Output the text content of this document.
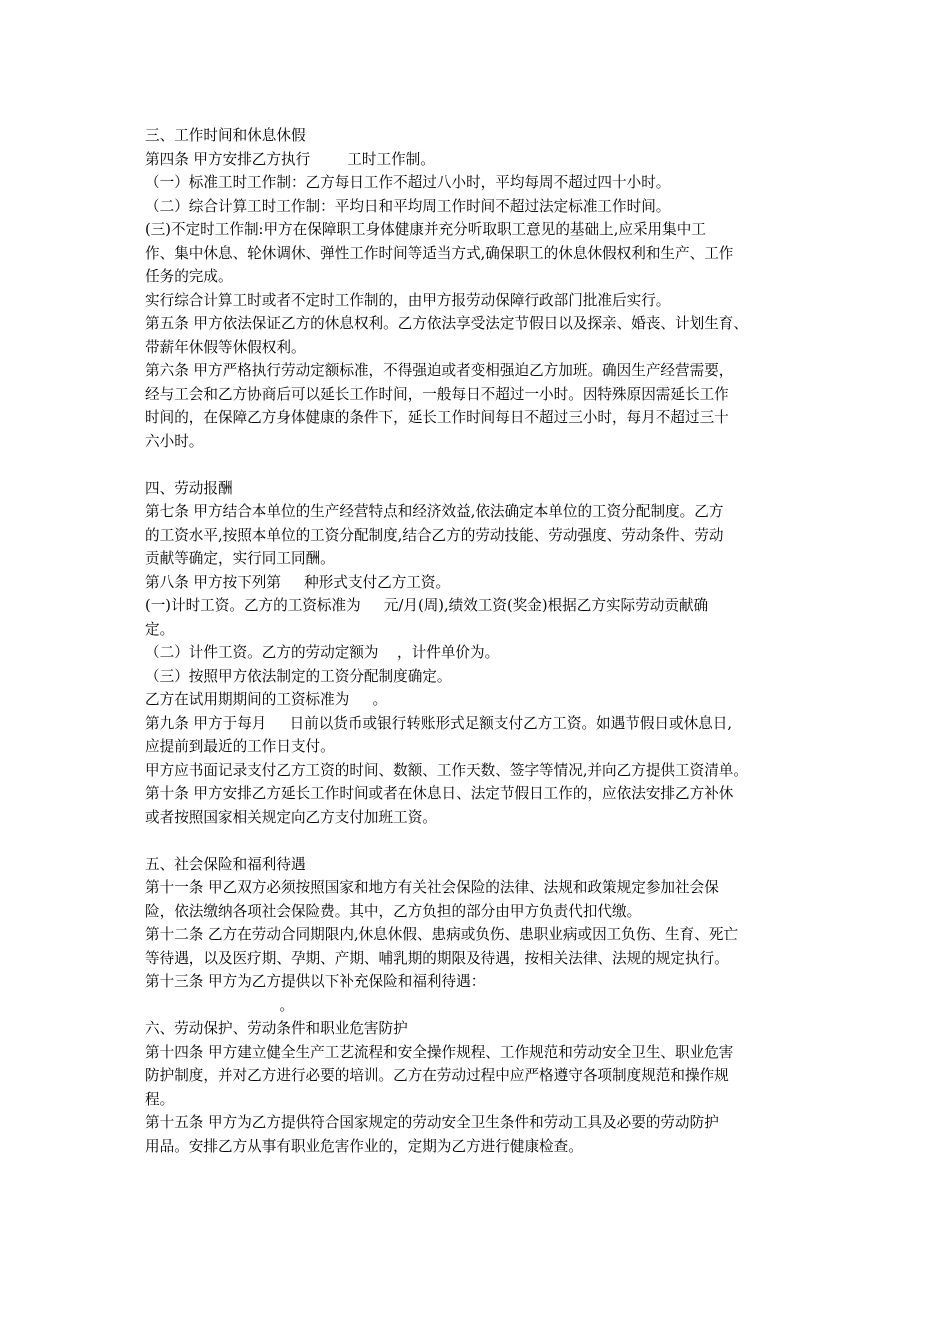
三、工作时间和休息休假
第四条 甲方安排乙方执行        工时工作制。
（一）标准工时工作制：乙方每日工作不超过八小时，平均每周不超过四十小时。
（二）综合计算工时工作制：平均日和平均周工作时间不超过法定标准工作时间。
(三)不定时工作制:甲方在保障职工身体健康并充分听取职工意见的基础上,应采用集中工
作、集中休息、轮休调休、弹性工作时间等适当方式,确保职工的休息休假权利和生产、工作
任务的完成。
实行综合计算工时或者不定时工作制的，由甲方报劳动保障行政部门批准后实行。
第五条 甲方依法保证乙方的休息权利。乙方依法享受法定节假日以及探亲、婚丧、计划生育、
带薪年休假等休假权利。
第六条 甲方严格执行劳动定额标准，不得强迫或者变相强迫乙方加班。确因生产经营需要，
经与工会和乙方协商后可以延长工作时间，一般每日不超过一小时。因特殊原因需延长工作
时间的，在保障乙方身体健康的条件下，延长工作时间每日不超过三小时，每月不超过三十
六小时。
四、劳动报酬
第七条 甲方结合本单位的生产经营特点和经济效益,依法确定本单位的工资分配制度。乙方
的工资水平,按照本单位的工资分配制度,结合乙方的劳动技能、劳动强度、劳动条件、劳动
贡献等确定，实行同工同酬。
第八条 甲方按下列第     种形式支付乙方工资。
(一)计时工资。乙方的工资标准为     元/月(周),绩效工资(奖金)根据乙方实际劳动贡献确
定。
（二）计件工资。乙方的劳动定额为    ，计件单价为。
（三）按照甲方依法制定的工资分配制度确定。
乙方在试用期期间的工资标准为     。
第九条 甲方于每月     日前以货币或银行转账形式足额支付乙方工资。如遇节假日或休息日,
应提前到最近的工作日支付。
甲方应书面记录支付乙方工资的时间、数额、工作天数、签字等情况,并向乙方提供工资清单。
第十条 甲方安排乙方延长工作时间或者在休息日、法定节假日工作的，应依法安排乙方补休
或者按照国家相关规定向乙方支付加班工资。
五、社会保险和福利待遇
第十一条 甲乙双方必须按照国家和地方有关社会保险的法律、法规和政策规定参加社会保
险，依法缴纳各项社会保险费。其中，乙方负担的部分由甲方负责代扣代缴。
第十二条 乙方在劳动合同期限内,休息休假、患病或负伤、患职业病或因工负伤、生育、死亡
等待遇，以及医疗期、孕期、产期、哺乳期的期限及待遇，按相关法律、法规的规定执行。
第十三条 甲方为乙方提供以下补充保险和福利待遇：
。
六、劳动保护、劳动条件和职业危害防护
第十四条 甲方建立健全生产工艺流程和安全操作规程、工作规范和劳动安全卫生、职业危害
防护制度，并对乙方进行必要的培训。乙方在劳动过程中应严格遵守各项制度规范和操作规
程。
第十五条 甲方为乙方提供符合国家规定的劳动安全卫生条件和劳动工具及必要的劳动防护
用品。安排乙方从事有职业危害作业的，定期为乙方进行健康检查。
